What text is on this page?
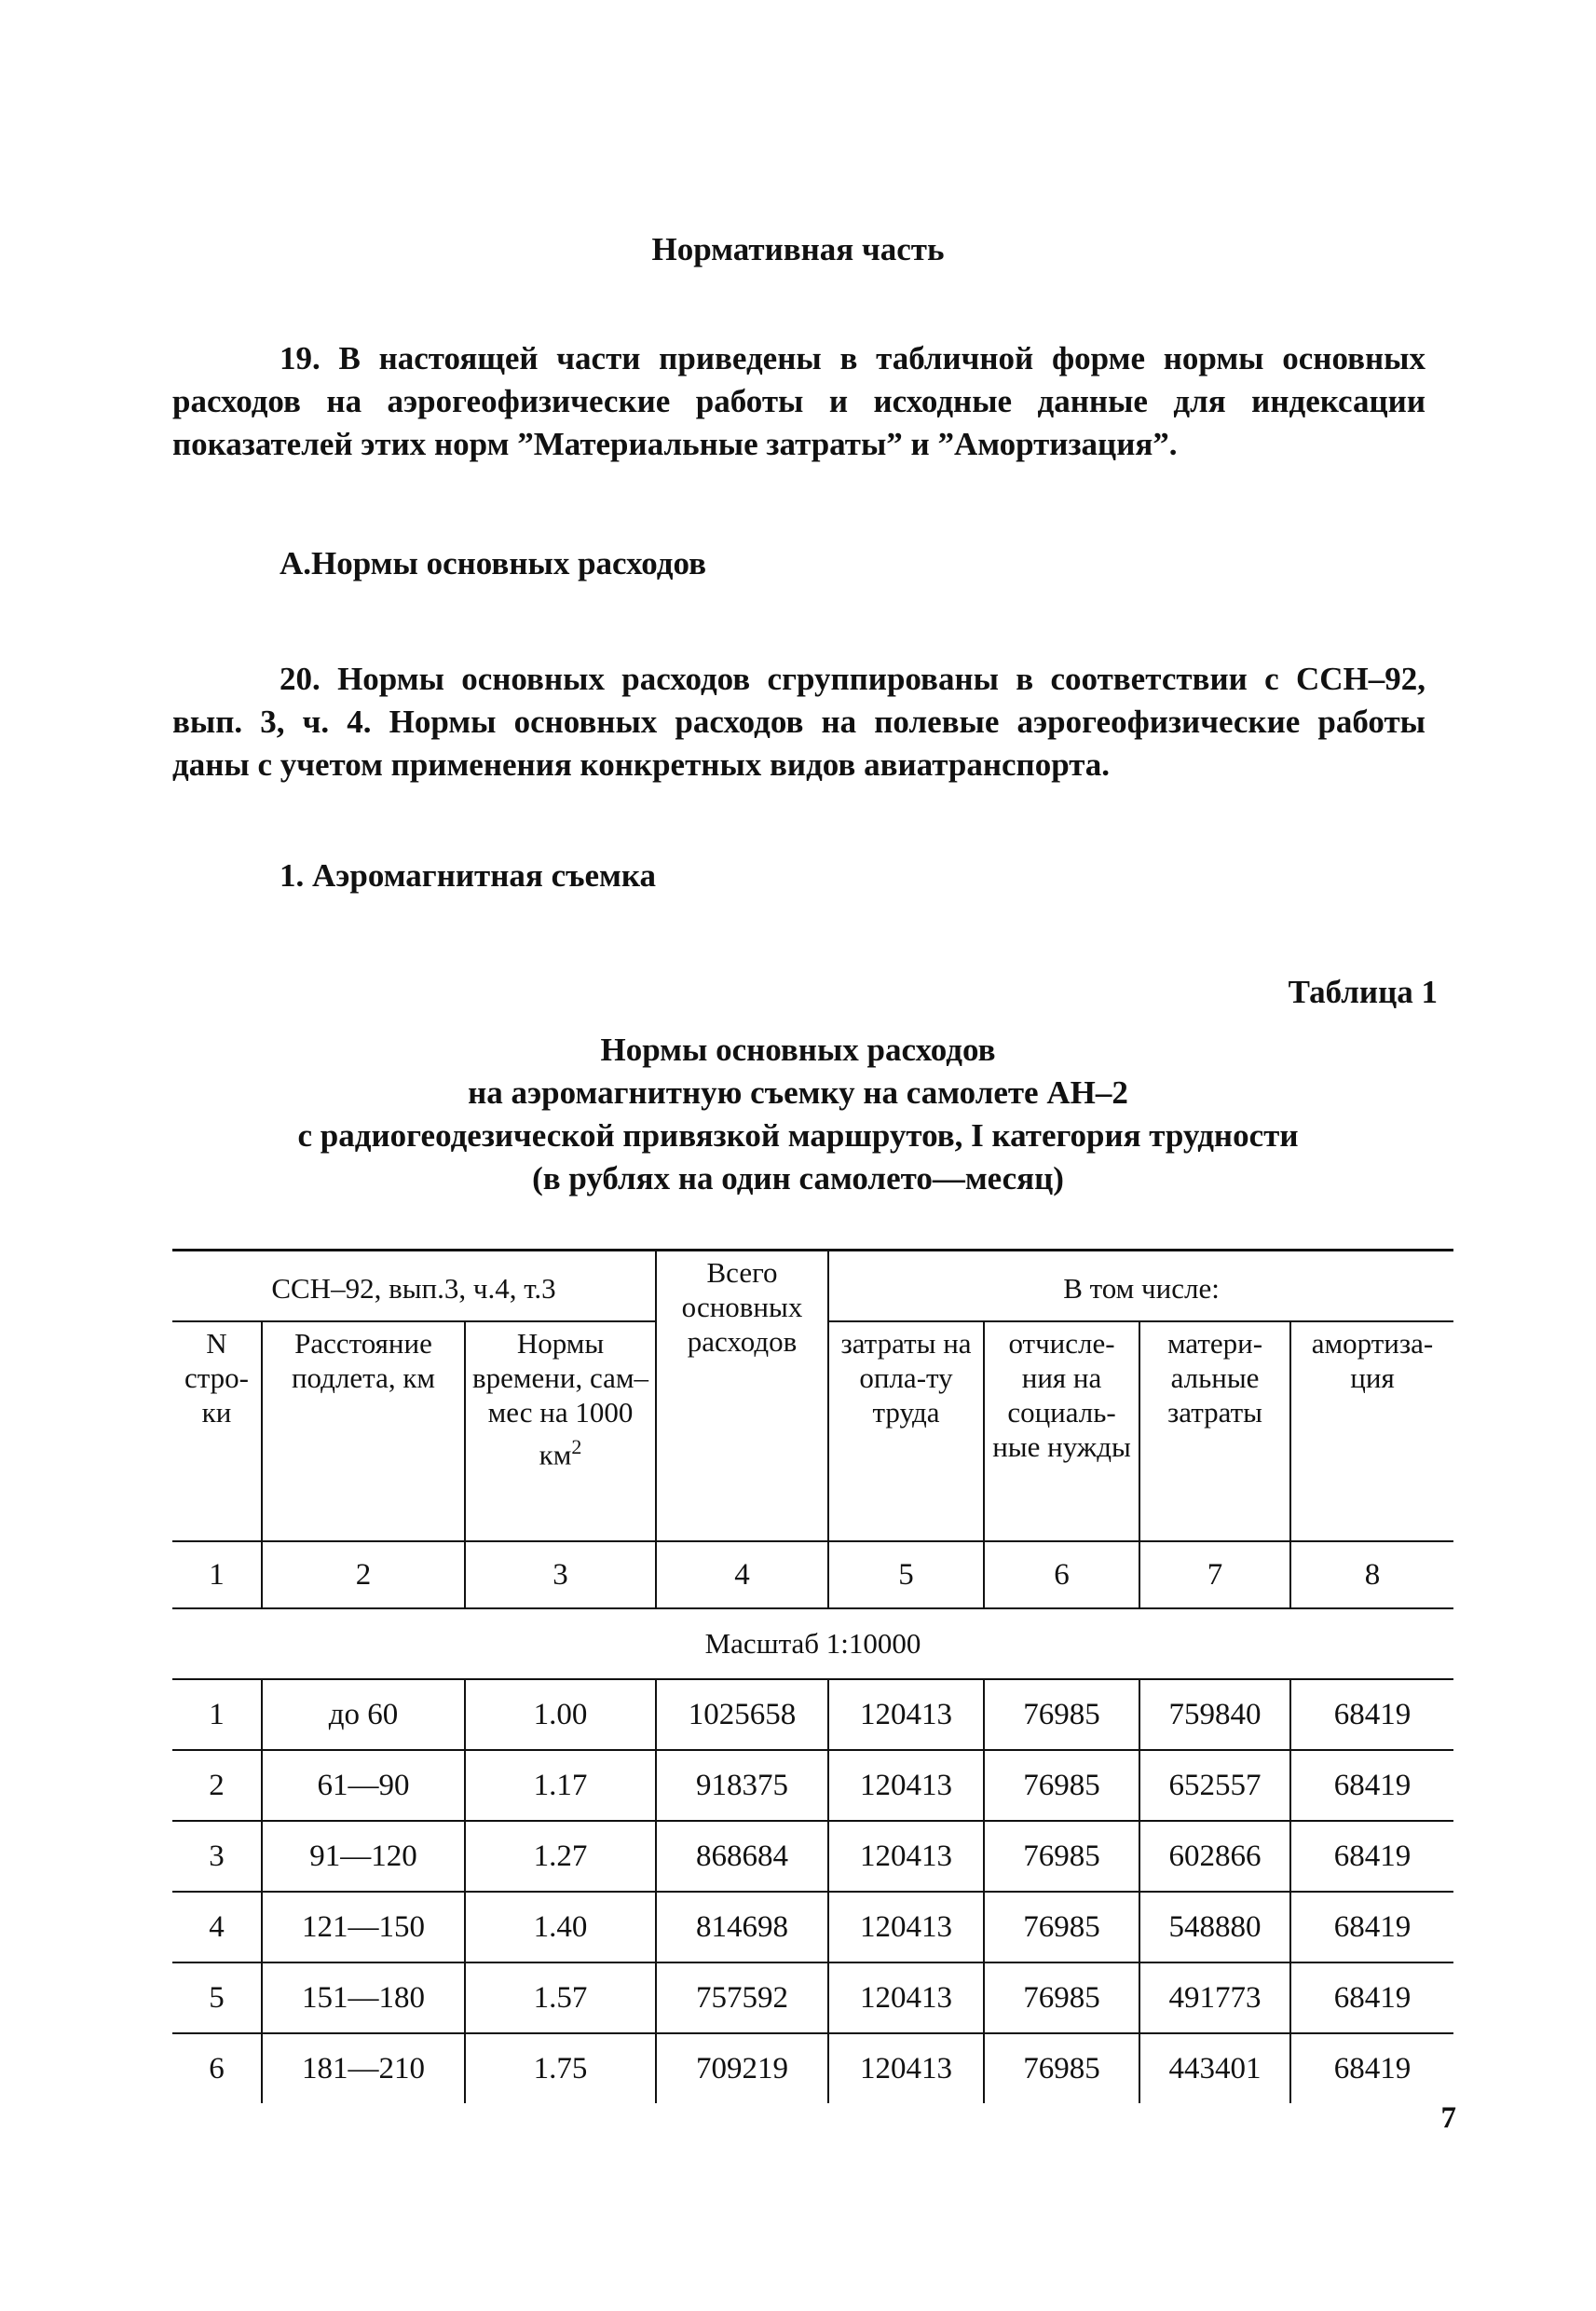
Нормативная часть
19. В настоящей части приведены в табличной форме нормы основных
расходов на аэрогеофизические работы и исходные данные для индексации
показателей этих норм ”Материальные затраты” и ”Амортизация”.
А.Нормы основных расходов
20. Нормы основных расходов сгруппированы в соответствии с ССН–92,
вып. 3, ч. 4. Нормы основных расходов на полевые аэрогеофизические работы
даны с учетом применения конкретных видов авиатранспорта.
1. Аэромагнитная съемка
Таблица 1
Нормы основных расходов
на аэромагнитную съемку на самолете АН–2
с радиогеодезической привязкой маршрутов, I категория трудности
(в рублях на один самолето—месяц)
ССН–92, вып.3, ч.4, т.3			Всего основных расходов	В том числе:			
N стро-ки	Расстояние подлета, км	Нормы времени, сам–мес на 1000 $км^2$		затраты на опла-ту труда	отчисле-ния на социаль-ные нужды	матери-альные затраты	амортиза-ция
1	2	3	4	5	6	7	8
Масштаб 1:10000							
1	до 60	1.00	1025658	120413	76985	759840	68419
2	61—90	1.17	918375	120413	76985	652557	68419
3	91—120	1.27	868684	120413	76985	602866	68419
4	121—150	1.40	814698	120413	76985	548880	68419
5	151—180	1.57	757592	120413	76985	491773	68419
6	181—210	1.75	709219	120413	76985	443401	68419
7
